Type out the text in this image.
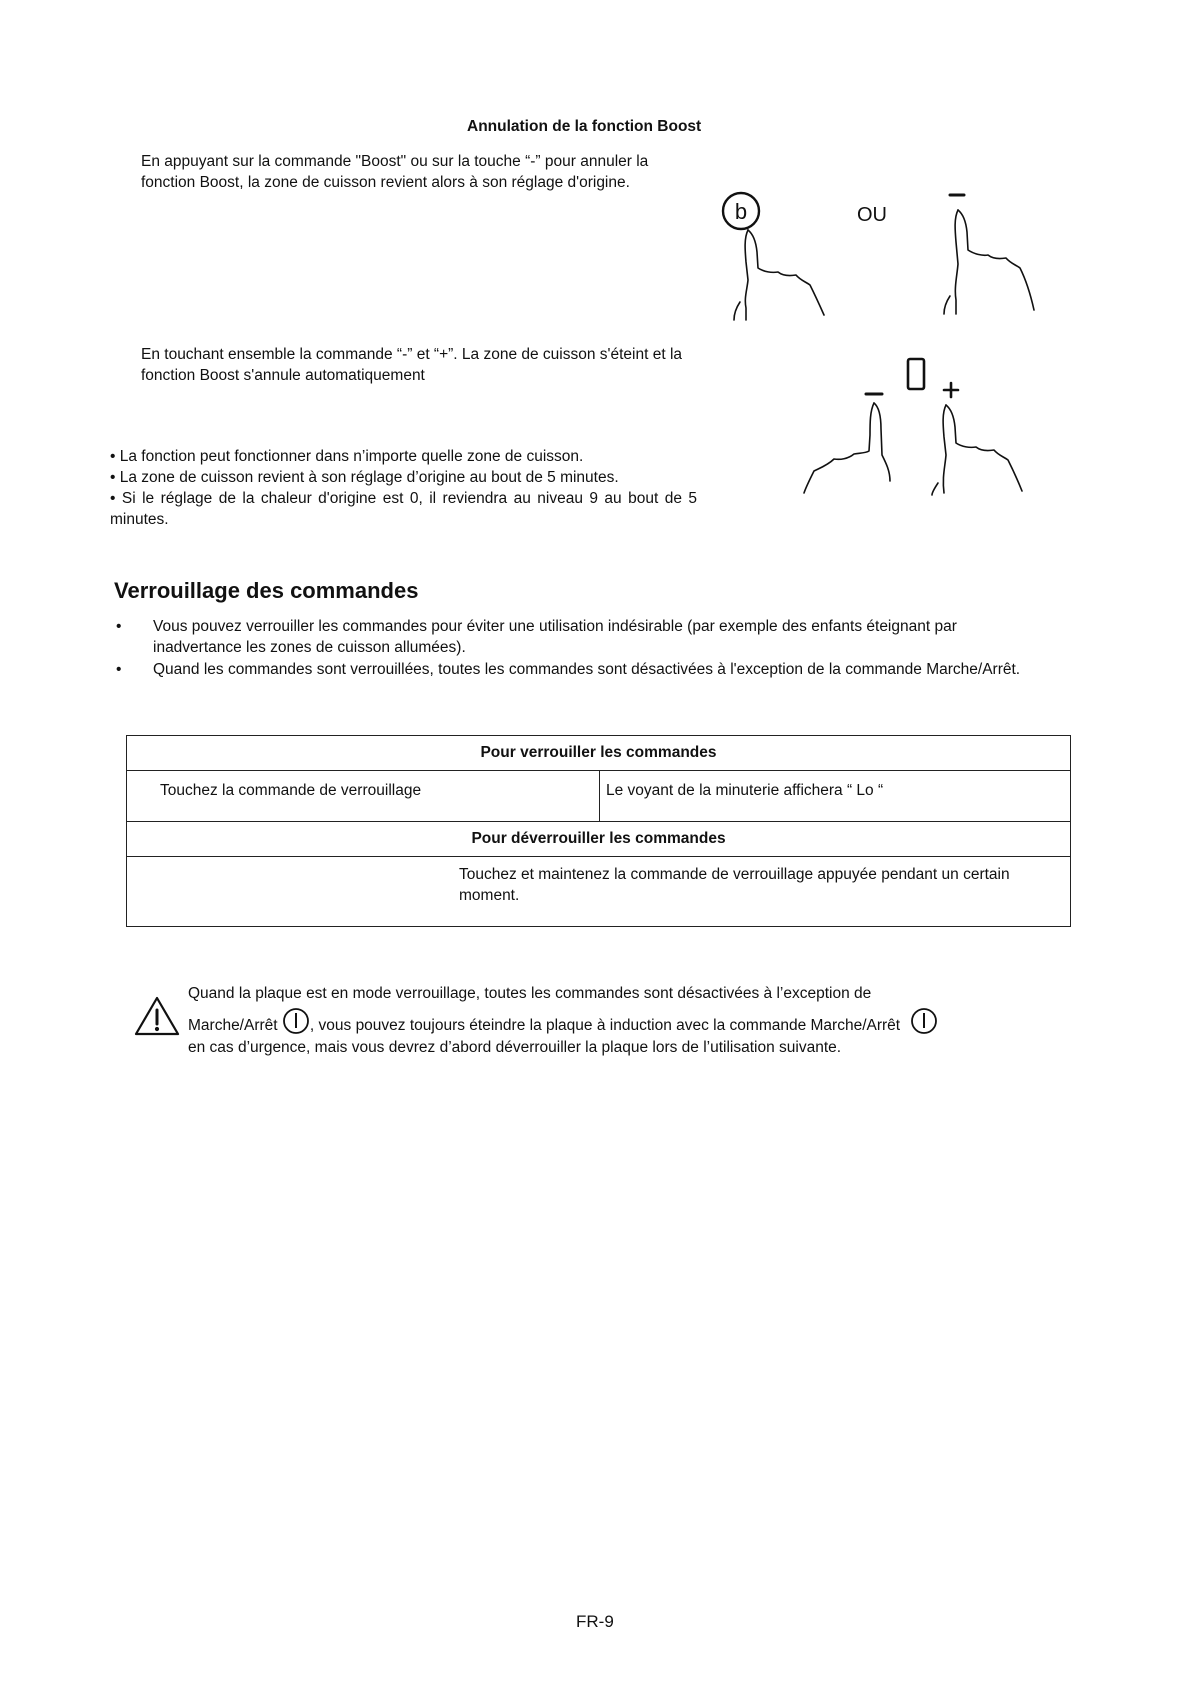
Annulation de la fonction Boost
En appuyant sur la commande "Boost" ou sur la touche “-” pour annuler la fonction Boost, la zone de cuisson revient alors à son réglage d'origine.
b	OU
En touchant ensemble la commande “-” et “+”. La zone de cuisson s'éteint et la fonction Boost s'annule automatiquement
• La fonction peut fonctionner dans n’importe quelle zone de cuisson.
• La zone de cuisson revient à son réglage d’origine au bout de 5 minutes.
• Si le réglage de la chaleur d'origine est 0, il reviendra au niveau 9 au bout de 5 minutes.
Verrouillage des commandes
• Vous pouvez verrouiller les commandes pour éviter une utilisation indésirable (par exemple des enfants éteignant par inadvertance les zones de cuisson allumées).
• Quand les commandes sont verrouillées, toutes les commandes sont désactivées à l'exception de la commande Marche/Arrêt.
Pour verrouiller les commandes
Touchez la commande de verrouillage	Le voyant de la minuterie affichera “ Lo “
Pour déverrouiller les commandes
Touchez et maintenez la commande de verrouillage appuyée pendant un certain moment.
Quand la plaque est en mode verrouillage, toutes les commandes sont désactivées à l’exception de
Marche/Arrêt , vous pouvez toujours éteindre la plaque à induction avec la commande Marche/Arrêt
en cas d’urgence, mais vous devrez d’abord déverrouiller la plaque lors de l’utilisation suivante.
FR-9
